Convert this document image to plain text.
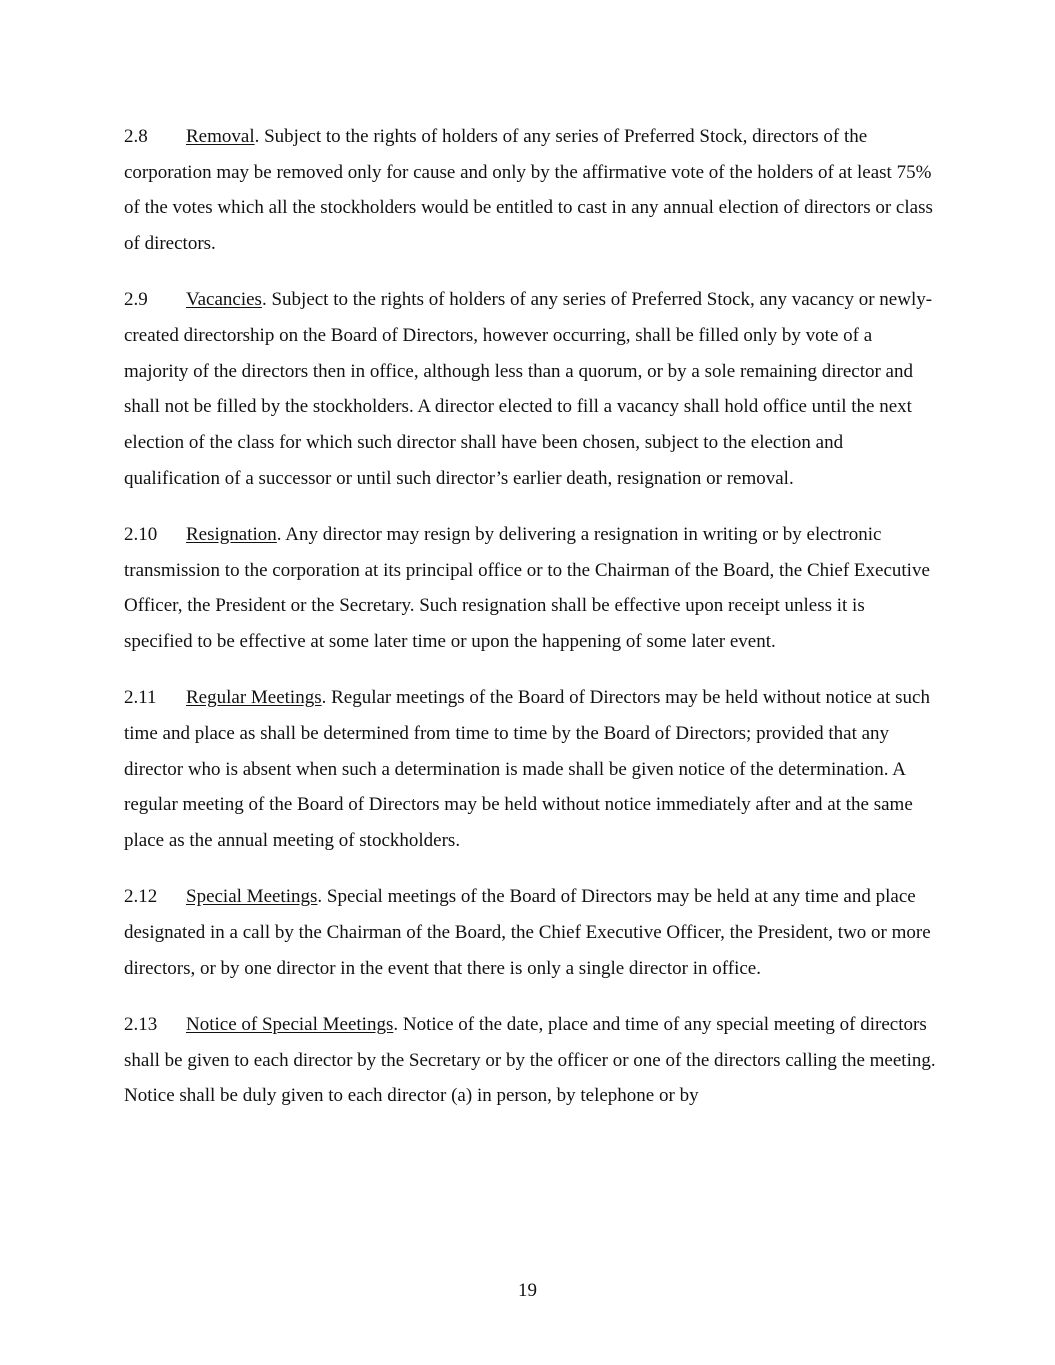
2.8 Removal. Subject to the rights of holders of any series of Preferred Stock, directors of the corporation may be removed only for cause and only by the affirmative vote of the holders of at least 75% of the votes which all the stockholders would be entitled to cast in any annual election of directors or class of directors.

2.9 Vacancies. Subject to the rights of holders of any series of Preferred Stock, any vacancy or newly-created directorship on the Board of Directors, however occurring, shall be filled only by vote of a majority of the directors then in office, although less than a quorum, or by a sole remaining director and shall not be filled by the stockholders. A director elected to fill a vacancy shall hold office until the next election of the class for which such director shall have been chosen, subject to the election and qualification of a successor or until such director’s earlier death, resignation or removal.

2.10 Resignation. Any director may resign by delivering a resignation in writing or by electronic transmission to the corporation at its principal office or to the Chairman of the Board, the Chief Executive Officer, the President or the Secretary. Such resignation shall be effective upon receipt unless it is specified to be effective at some later time or upon the happening of some later event.

2.11 Regular Meetings. Regular meetings of the Board of Directors may be held without notice at such time and place as shall be determined from time to time by the Board of Directors; provided that any director who is absent when such a determination is made shall be given notice of the determination. A regular meeting of the Board of Directors may be held without notice immediately after and at the same place as the annual meeting of stockholders.

2.12 Special Meetings. Special meetings of the Board of Directors may be held at any time and place designated in a call by the Chairman of the Board, the Chief Executive Officer, the President, two or more directors, or by one director in the event that there is only a single director in office.

2.13 Notice of Special Meetings. Notice of the date, place and time of any special meeting of directors shall be given to each director by the Secretary or by the officer or one of the directors calling the meeting. Notice shall be duly given to each director (a) in person, by telephone or by

19
